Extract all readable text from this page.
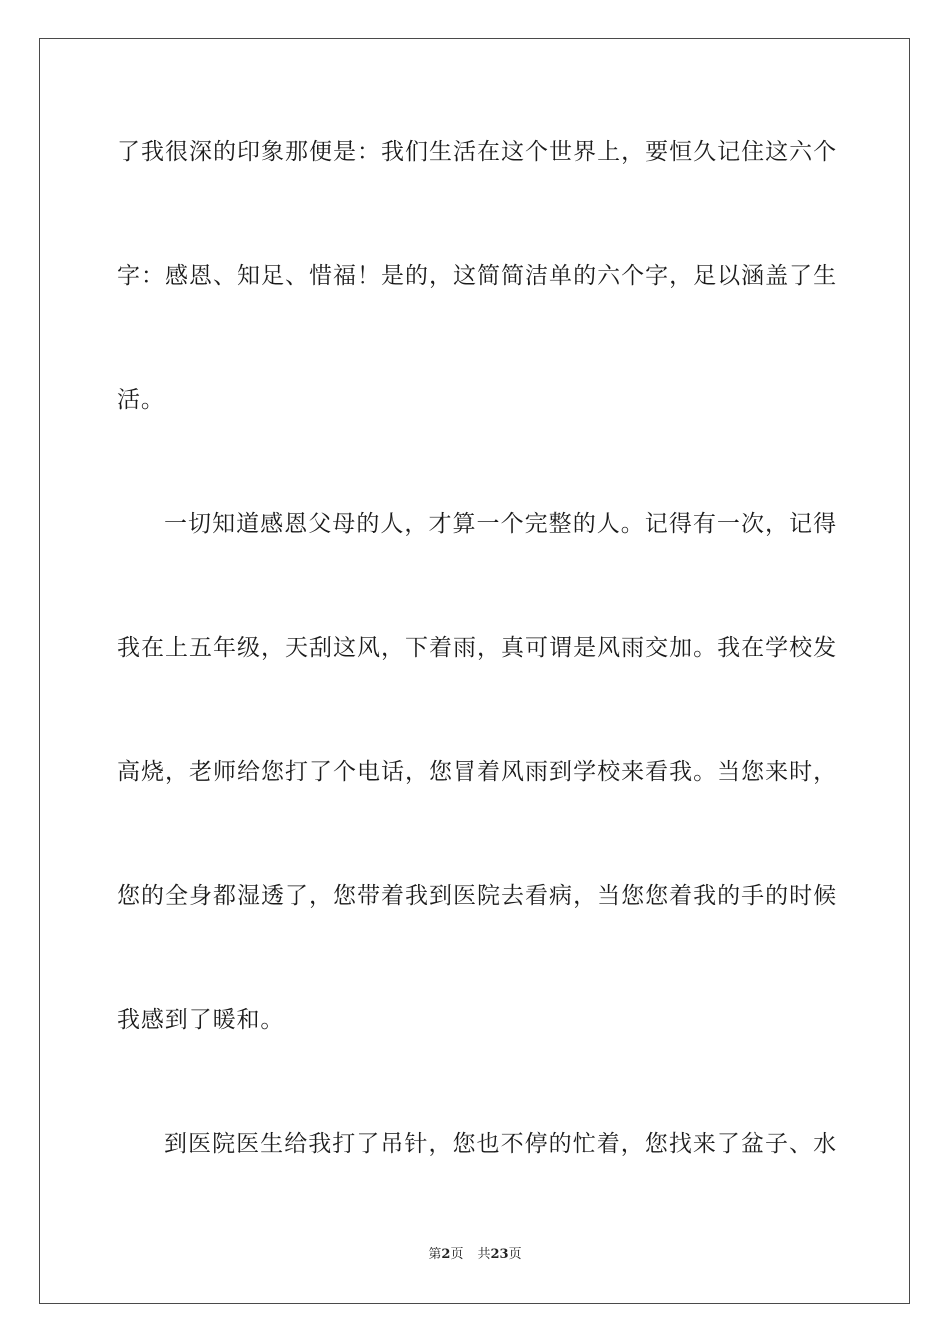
了我很深的印象那便是：我们生活在这个世界上，要恒久记住这六个
字：感恩、知足、惜福！是的，这简简洁单的六个字，足以涵盖了生
活。
一切知道感恩父母的人，才算一个完整的人。记得有一次，记得
我在上五年级，天刮这风，下着雨，真可谓是风雨交加。我在学校发
高烧，老师给您打了个电话，您冒着风雨到学校来看我。当您来时，
您的全身都湿透了，您带着我到医院去看病，当您您着我的手的时候
我感到了暖和。
到医院医生给我打了吊针，您也不停的忙着，您找来了盆子、水
第2页 共23页
